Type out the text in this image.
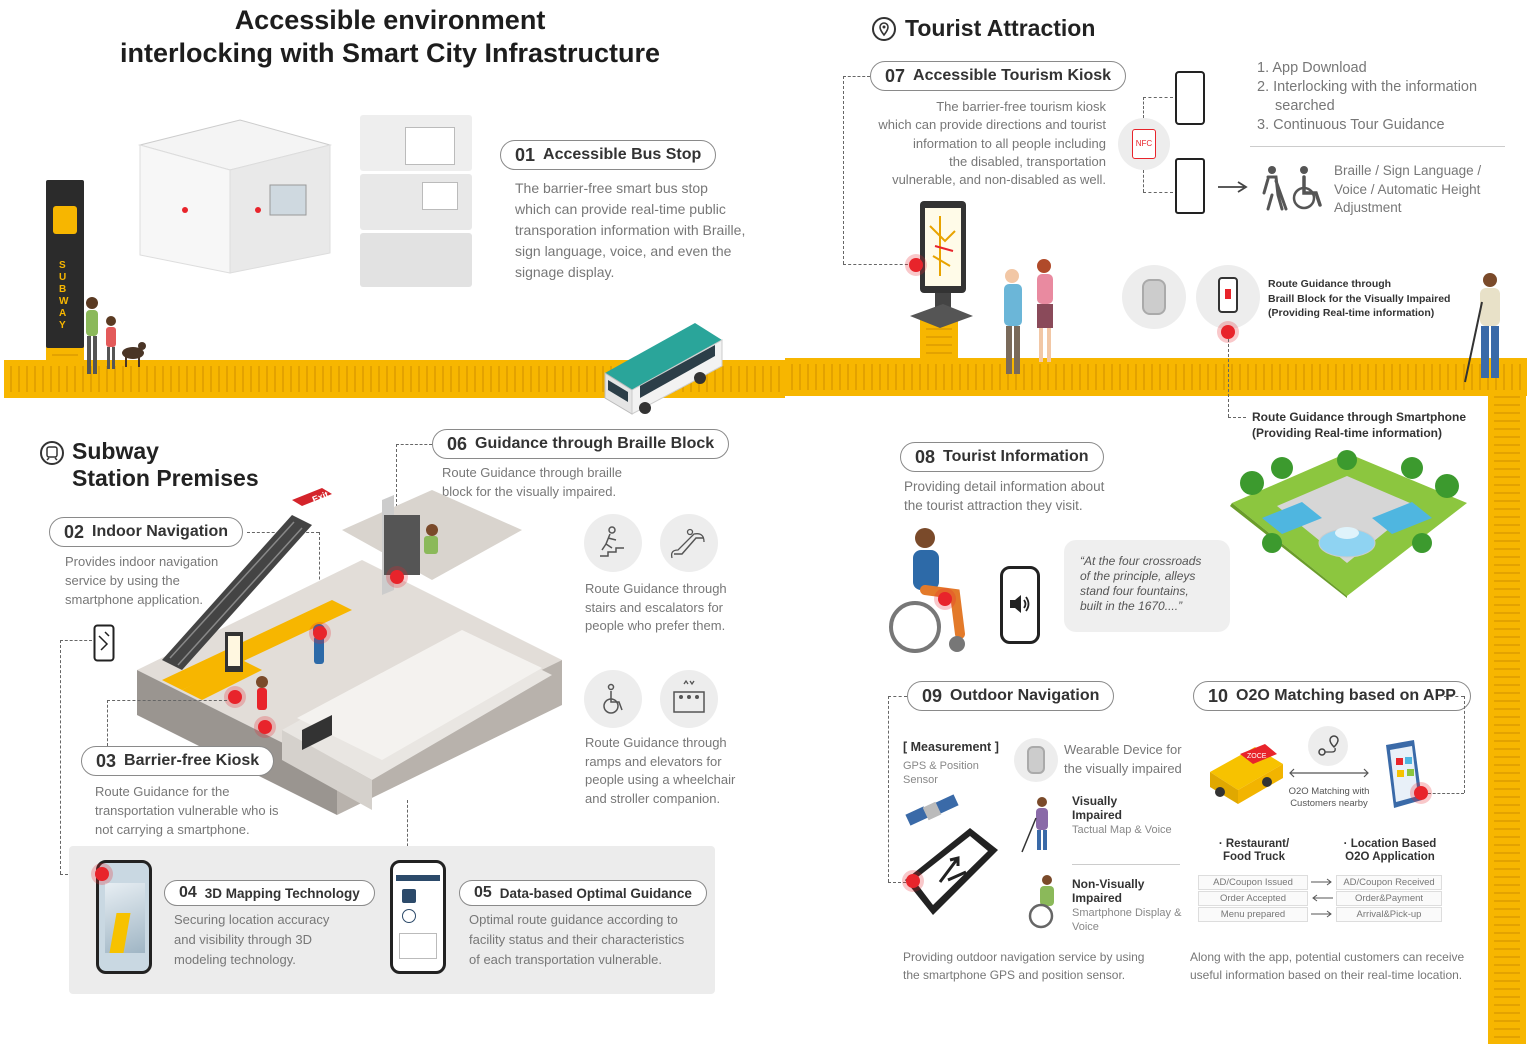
Accessible environment
interlocking with Smart City Infrastructure
01 Accessible Bus Stop
The barrier-free smart bus stop
which can provide real-time public
transporation information with Braille,
sign language, voice, and even the
signage display.
SUBWAY
Tourist Attraction
07 Accessible Tourism Kiosk
The barrier-free tourism kiosk
which can provide directions and tourist
information to all people including
the disabled, transportation
vulnerable, and non-disabled as well.
NFC
1. App Download
2. Interlocking with the information
searched
3. Continuous Tour Guidance
Braille / Sign Language /
Voice / Automatic Height
Adjustment
Route Guidance through
Braill Block for the Visually Impaired
(Providing Real-time information)
Route Guidance through Smartphone
(Providing Real-time information)
08 Tourist Information
Providing detail information about
the tourist attraction they visit.
“At the four crossroads
of the principle, alleys
stand four fountains,
built in the 1670....”
09 Outdoor Navigation
[ Measurement ]
GPS & Position
Sensor
Wearable Device for
the visually impaired
Visually
Impaired
Tactual Map & Voice
Non-Visually
Impaired
Smartphone Display &
Voice
Providing outdoor navigation service by using
the smartphone GPS and position sensor.
10 O2O Matching based on APP
ZOCE
O2O Matching with
Customers nearby
· Restaurant/
Food Truck
· Location Based
O2O Application
AD/Coupon Issued
Order Accepted
Menu prepared
AD/Coupon Received
Order&Payment
Arrival&Pick-up
Along with the app, potential customers can receive
useful information based on their real-time location.
Subway
Station Premises
06 Guidance through Braille Block
Route Guidance through braille
block for the visually impaired.
02 Indoor Navigation
Provides indoor navigation
service by using the
smartphone application.
Exit
Route Guidance through
stairs and escalators for
people who prefer them.
Route Guidance through
ramps and elevators for
people using a wheelchair
and stroller companion.
03 Barrier-free Kiosk
Route Guidance for the
transportation vulnerable who is
not carrying a smartphone.
04 3D Mapping Technology
Securing location accuracy
and visibility through 3D
modeling technology.
05 Data-based Optimal Guidance
Optimal route guidance according to
facility status and their characteristics
of each transportation vulnerable.
